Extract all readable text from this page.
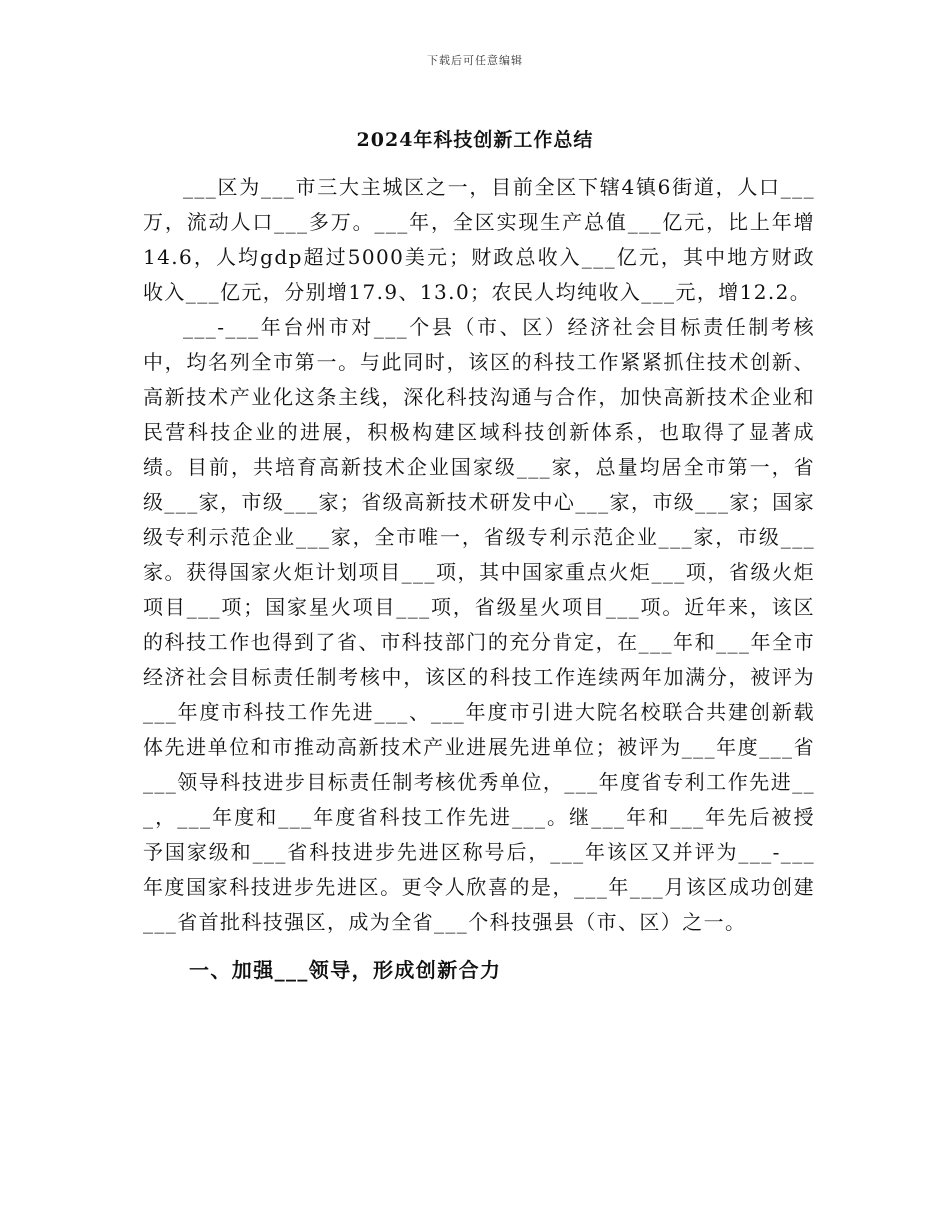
下载后可任意编辑
2024年科技创新工作总结

___区为___市三大主城区之一，目前全区下辖4镇6街道，人口___万，流动人口___多万。___年，全区实现生产总值___亿元，比上年增14.6，人均gdp超过5000美元；财政总收入___亿元，其中地方财政收入___亿元，分别增17.9、13.0；农民人均纯收入___元，增12.2。

___-___年台州市对___个县（市、区）经济社会目标责任制考核中，均名列全市第一。与此同时，该区的科技工作紧紧抓住技术创新、高新技术产业化这条主线，深化科技沟通与合作，加快高新技术企业和民营科技企业的进展，积极构建区域科技创新体系，也取得了显著成绩。目前，共培育高新技术企业国家级___家，总量均居全市第一，省级___家，市级___家；省级高新技术研发中心___家，市级___家；国家级专利示范企业___家，全市唯一，省级专利示范企业___家，市级___家。获得国家火炬计划项目___项，其中国家重点火炬___项，省级火炬项目___项；国家星火项目___项，省级星火项目___项。近年来，该区的科技工作也得到了省、市科技部门的充分肯定，在___年和___年全市经济社会目标责任制考核中，该区的科技工作连续两年加满分，被评为___年度市科技工作先进___、___年度市引进大院名校联合共建创新载体先进单位和市推动高新技术产业进展先进单位；被评为___年度___省___领导科技进步目标责任制考核优秀单位，___年度省专利工作先进___，___年度和___年度省科技工作先进___。继___年和___年先后被授予国家级和___省科技进步先进区称号后，___年该区又并评为___-___年度国家科技进步先进区。更令人欣喜的是，___年___月该区成功创建___省首批科技强区，成为全省___个科技强县（市、区）之一。

一、加强___领导，形成创新合力
